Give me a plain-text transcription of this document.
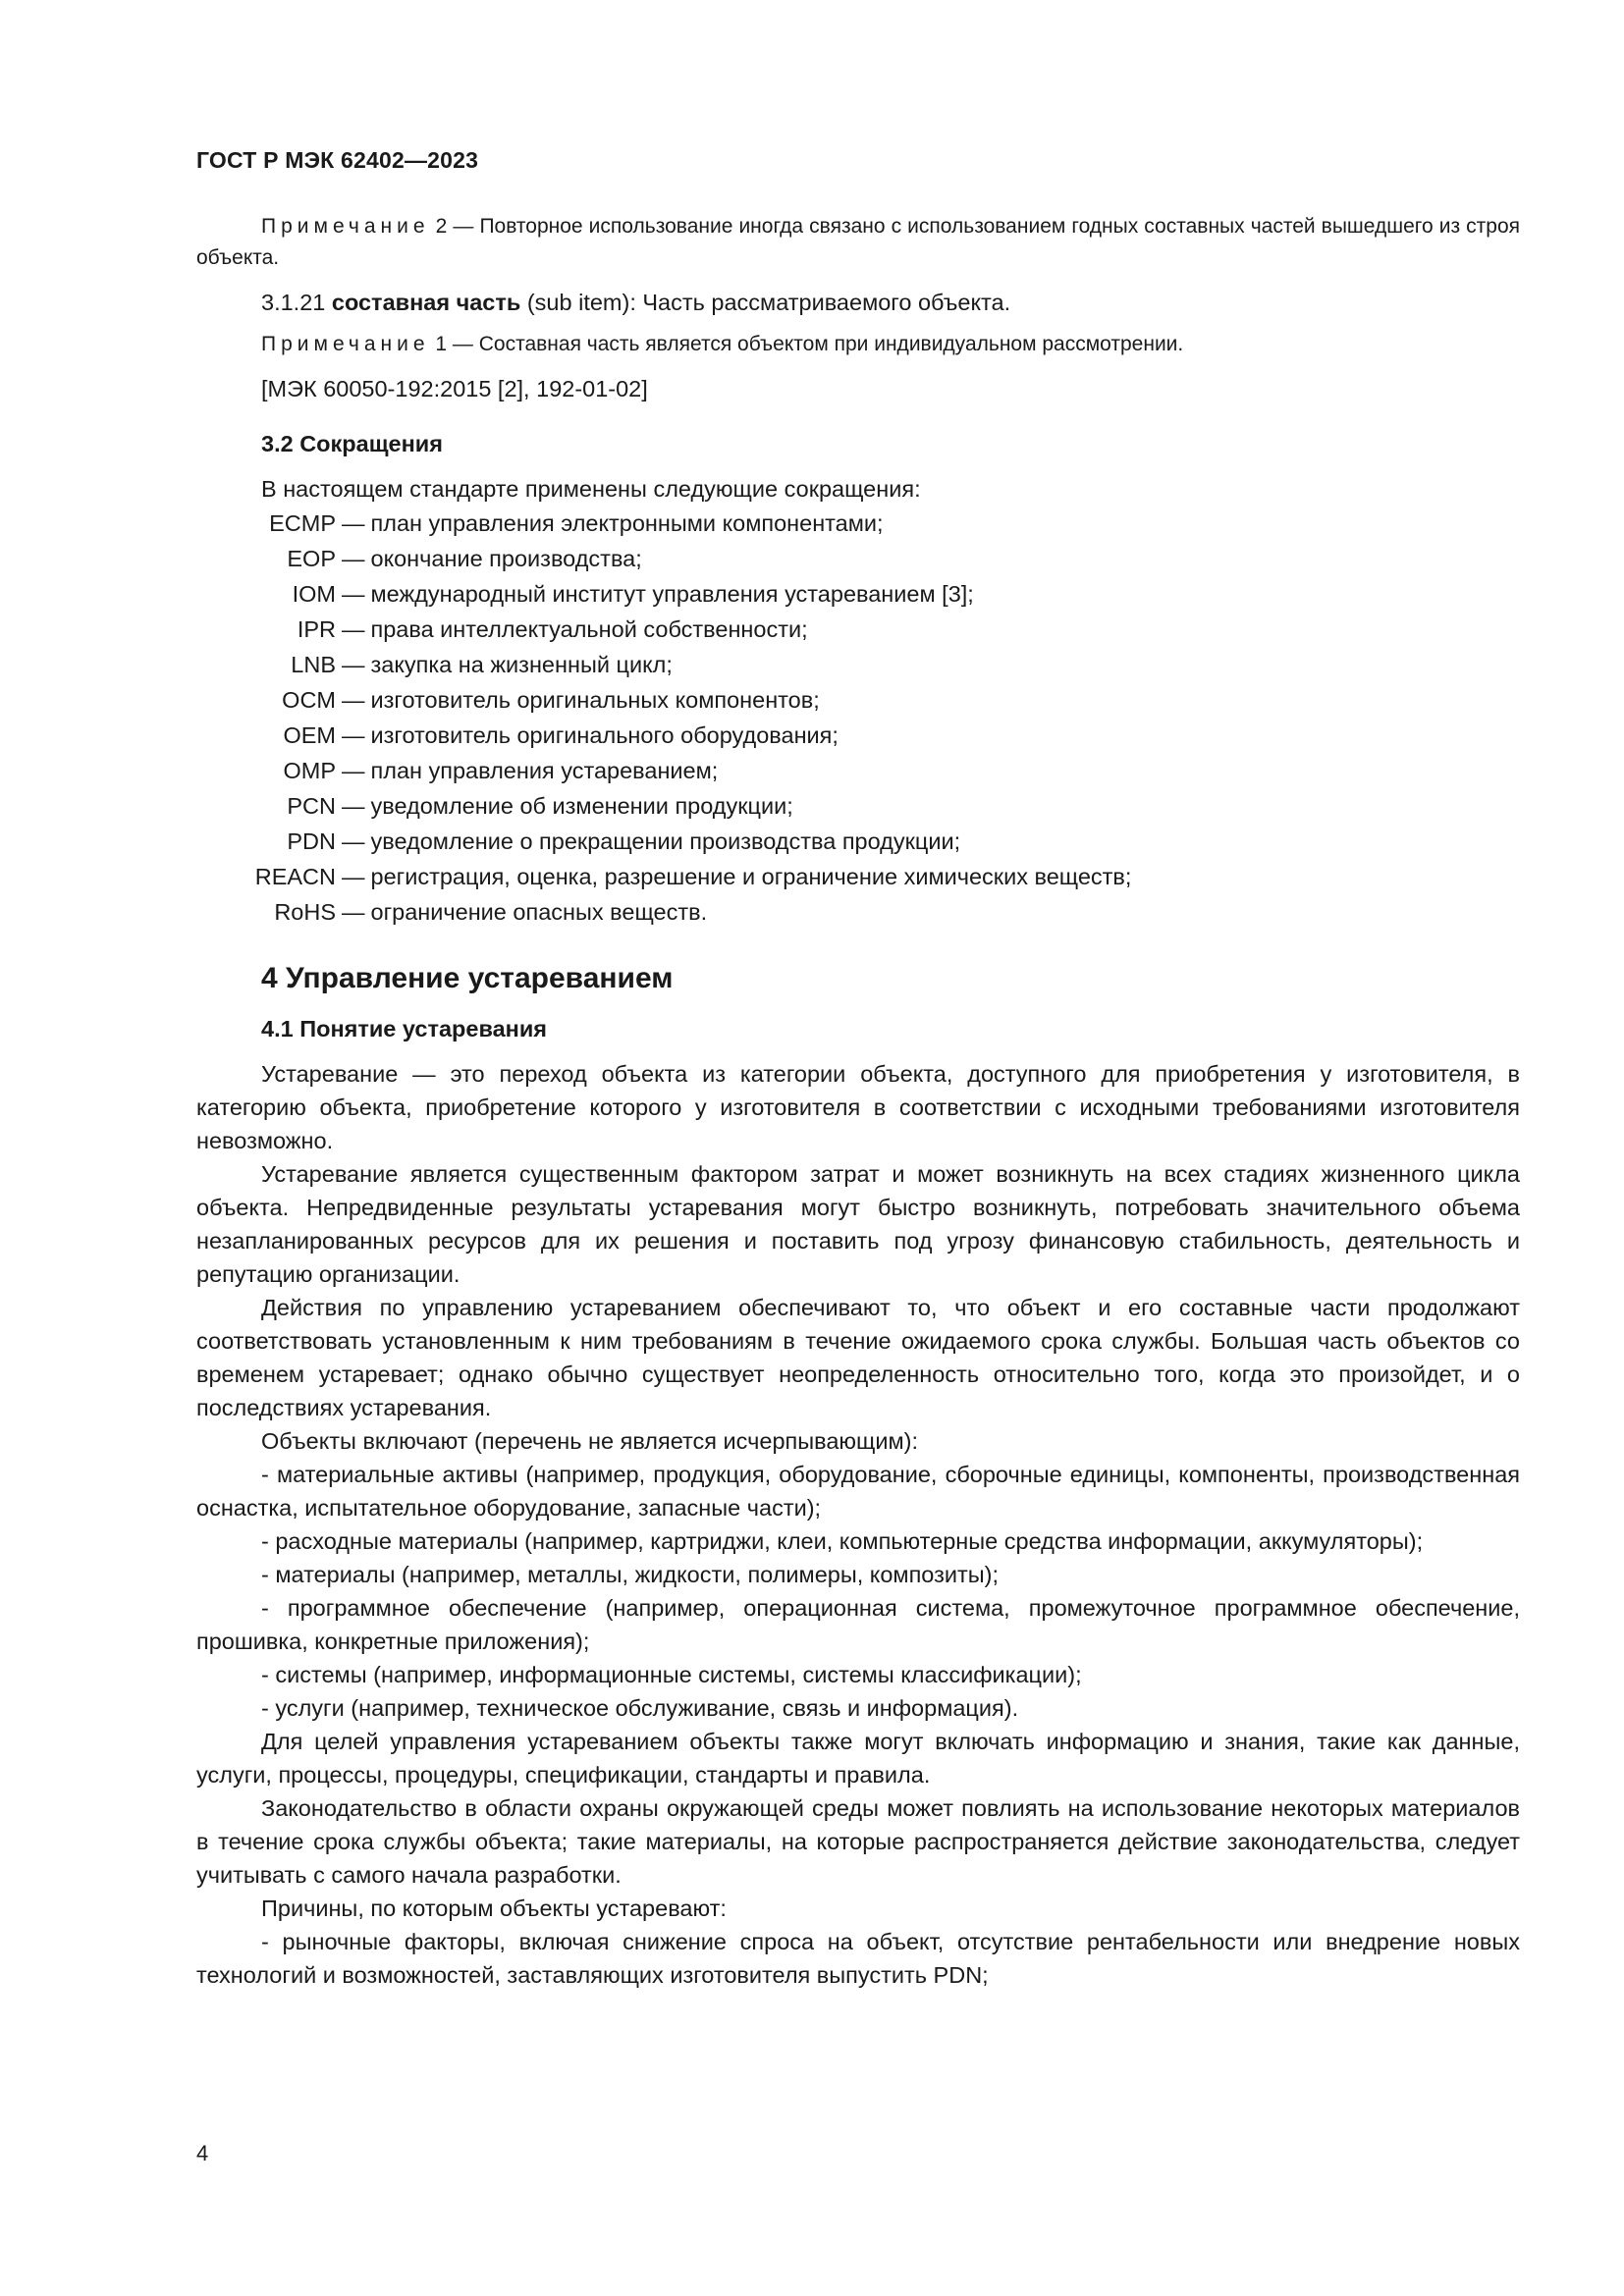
ГОСТ Р МЭК 62402—2023

Примечание 2 — Повторное использование иногда связано с использованием годных составных частей вышедшего из строя объекта.

3.1.21 составная часть (sub item): Часть рассматриваемого объекта.

Примечание 1 — Составная часть является объектом при индивидуальном рассмотрении.

[МЭК 60050-192:2015 [2], 192-01-02]

3.2 Сокращения

В настоящем стандарте применены следующие сокращения:

ECMP — план управления электронными компонентами;
EOP — окончание производства;
IOM — международный институт управления устареванием [3];
IPR — права интеллектуальной собственности;
LNB — закупка на жизненный цикл;
OCM — изготовитель оригинальных компонентов;
OEM — изготовитель оригинального оборудования;
OMP — план управления устареванием;
PCN — уведомление об изменении продукции;
PDN — уведомление о прекращении производства продукции;
REACN — регистрация, оценка, разрешение и ограничение химических веществ;
RoHS — ограничение опасных веществ.
4 Управление устареванием
4.1 Понятие устаревания

Устаревание — это переход объекта из категории объекта, доступного для приобретения у изготовителя, в категорию объекта, приобретение которого у изготовителя в соответствии с исходными требованиями изготовителя невозможно.

Устаревание является существенным фактором затрат и может возникнуть на всех стадиях жизненного цикла объекта. Непредвиденные результаты устаревания могут быстро возникнуть, потребовать значительного объема незапланированных ресурсов для их решения и поставить под угрозу финансовую стабильность, деятельность и репутацию организации.

Действия по управлению устареванием обеспечивают то, что объект и его составные части продолжают соответствовать установленным к ним требованиям в течение ожидаемого срока службы. Большая часть объектов со временем устаревает; однако обычно существует неопределенность относительно того, когда это произойдет, и о последствиях устаревания.

Объекты включают (перечень не является исчерпывающим):

- материальные активы (например, продукция, оборудование, сборочные единицы, компоненты, производственная оснастка, испытательное оборудование, запасные части);

- расходные материалы (например, картриджи, клеи, компьютерные средства информации, аккумуляторы);

- материалы (например, металлы, жидкости, полимеры, композиты);

- программное обеспечение (например, операционная система, промежуточное программное обеспечение, прошивка, конкретные приложения);

- системы (например, информационные системы, системы классификации);

- услуги (например, техническое обслуживание, связь и информация).

Для целей управления устареванием объекты также могут включать информацию и знания, такие как данные, услуги, процессы, процедуры, спецификации, стандарты и правила.

Законодательство в области охраны окружающей среды может повлиять на использование некоторых материалов в течение срока службы объекта; такие материалы, на которые распространяется действие законодательства, следует учитывать с самого начала разработки.

Причины, по которым объекты устаревают:

- рыночные факторы, включая снижение спроса на объект, отсутствие рентабельности или внедрение новых технологий и возможностей, заставляющих изготовителя выпустить PDN;

4
